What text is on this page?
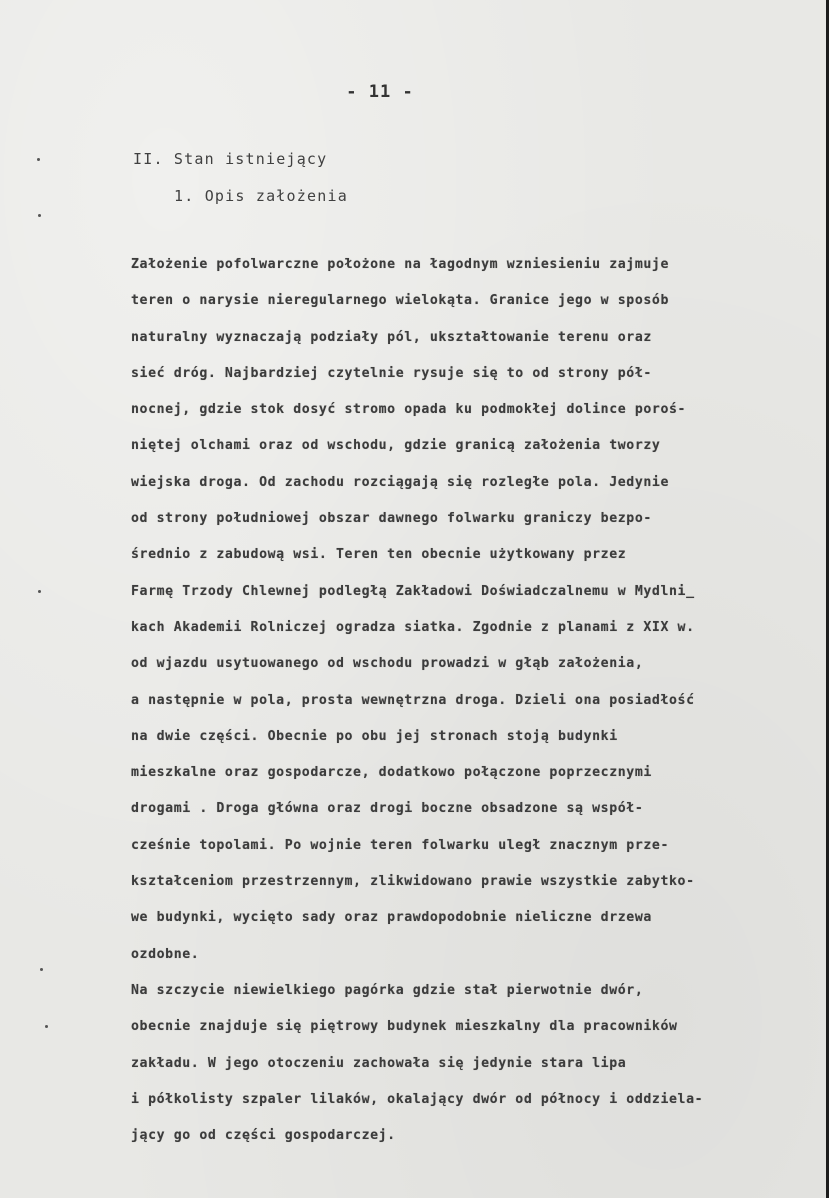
- 11 -
II. Stan istniejący
1. Opis założenia
Założenie pofolwarczne położone na łagodnym wzniesieniu zajmuje
teren o narysie nieregularnego wielokąta. Granice jego w sposób
naturalny wyznaczają podziały pól, ukształtowanie terenu oraz
sieć dróg. Najbardziej czytelnie rysuje się to od strony pół-
nocnej, gdzie stok dosyć stromo opada ku podmokłej dolince poroś-
niętej olchami oraz od wschodu, gdzie granicą założenia tworzy
wiejska droga. Od zachodu rozciągają się rozległe pola. Jedynie
od strony południowej obszar dawnego folwarku graniczy bezpo-
średnio z zabudową wsi. Teren ten obecnie użytkowany przez
Farmę Trzody Chlewnej podległą Zakładowi Doświadczalnemu w Mydlni_
kach Akademii Rolniczej ogradza siatka. Zgodnie z planami z XIX w.
od wjazdu usytuowanego od wschodu prowadzi w głąb założenia,
a następnie w pola, prosta wewnętrzna droga. Dzieli ona posiadłość
na dwie części. Obecnie po obu jej stronach stoją budynki
mieszkalne oraz gospodarcze, dodatkowo połączone poprzecznymi
drogami . Droga główna oraz drogi boczne obsadzone są współ-
cześnie topolami. Po wojnie teren folwarku uległ znacznym prze-
kształceniom przestrzennym, zlikwidowano prawie wszystkie zabytko-
we budynki, wycięto sady oraz prawdopodobnie nieliczne drzewa
ozdobne.
Na szczycie niewielkiego pagórka gdzie stał pierwotnie dwór,
obecnie znajduje się piętrowy budynek mieszkalny dla pracowników
zakładu. W jego otoczeniu zachowała się jedynie stara lipa
i półkolisty szpaler lilaków, okalający dwór od północy i oddziela-
jący go od części gospodarczej.
